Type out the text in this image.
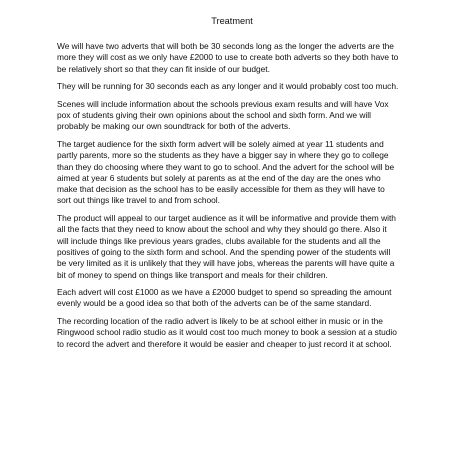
Treatment

We will have two adverts that will both be 30 seconds long as the longer the adverts are the more they will cost as we only have £2000 to use to create both adverts so they both have to be relatively short so that they can fit inside of our budget.

They will be running for 30 seconds each as any longer and it would probably cost too much.

Scenes will include information about the schools previous exam results and will have Vox pox of students giving their own opinions about the school and sixth form. And we will probably be making our own soundtrack for both of the adverts.

The target audience for the sixth form advert will be solely aimed at year 11 students and partly parents, more so the students as they have a bigger say in where they go to college than they do choosing where they want to go to school. And the advert for the school will be aimed at year 6 students but solely at parents as at the end of the day are the ones who make that decision as the school has to be easily accessible for them as they will have to sort out things like travel to and from school.

The product will appeal to our target audience as it will be informative and provide them with all the facts that they need to know about the school and why they should go there. Also it will include things like previous years grades, clubs available for the students and all the positives of going to the sixth form and school. And the spending power of the students will be very limited as it is unlikely that they will have jobs, whereas the parents will have quite a bit of money to spend on things like transport and meals for their children.

Each advert will cost £1000 as we have a £2000 budget to spend so spreading the amount evenly would be a good idea so that both of the adverts can be of the same standard.

The recording location of the radio advert is likely to be at school either in music or in the Ringwood school radio studio as it would cost too much money to book a session at a studio to record the advert and therefore it would be easier and cheaper to just record it at school.
